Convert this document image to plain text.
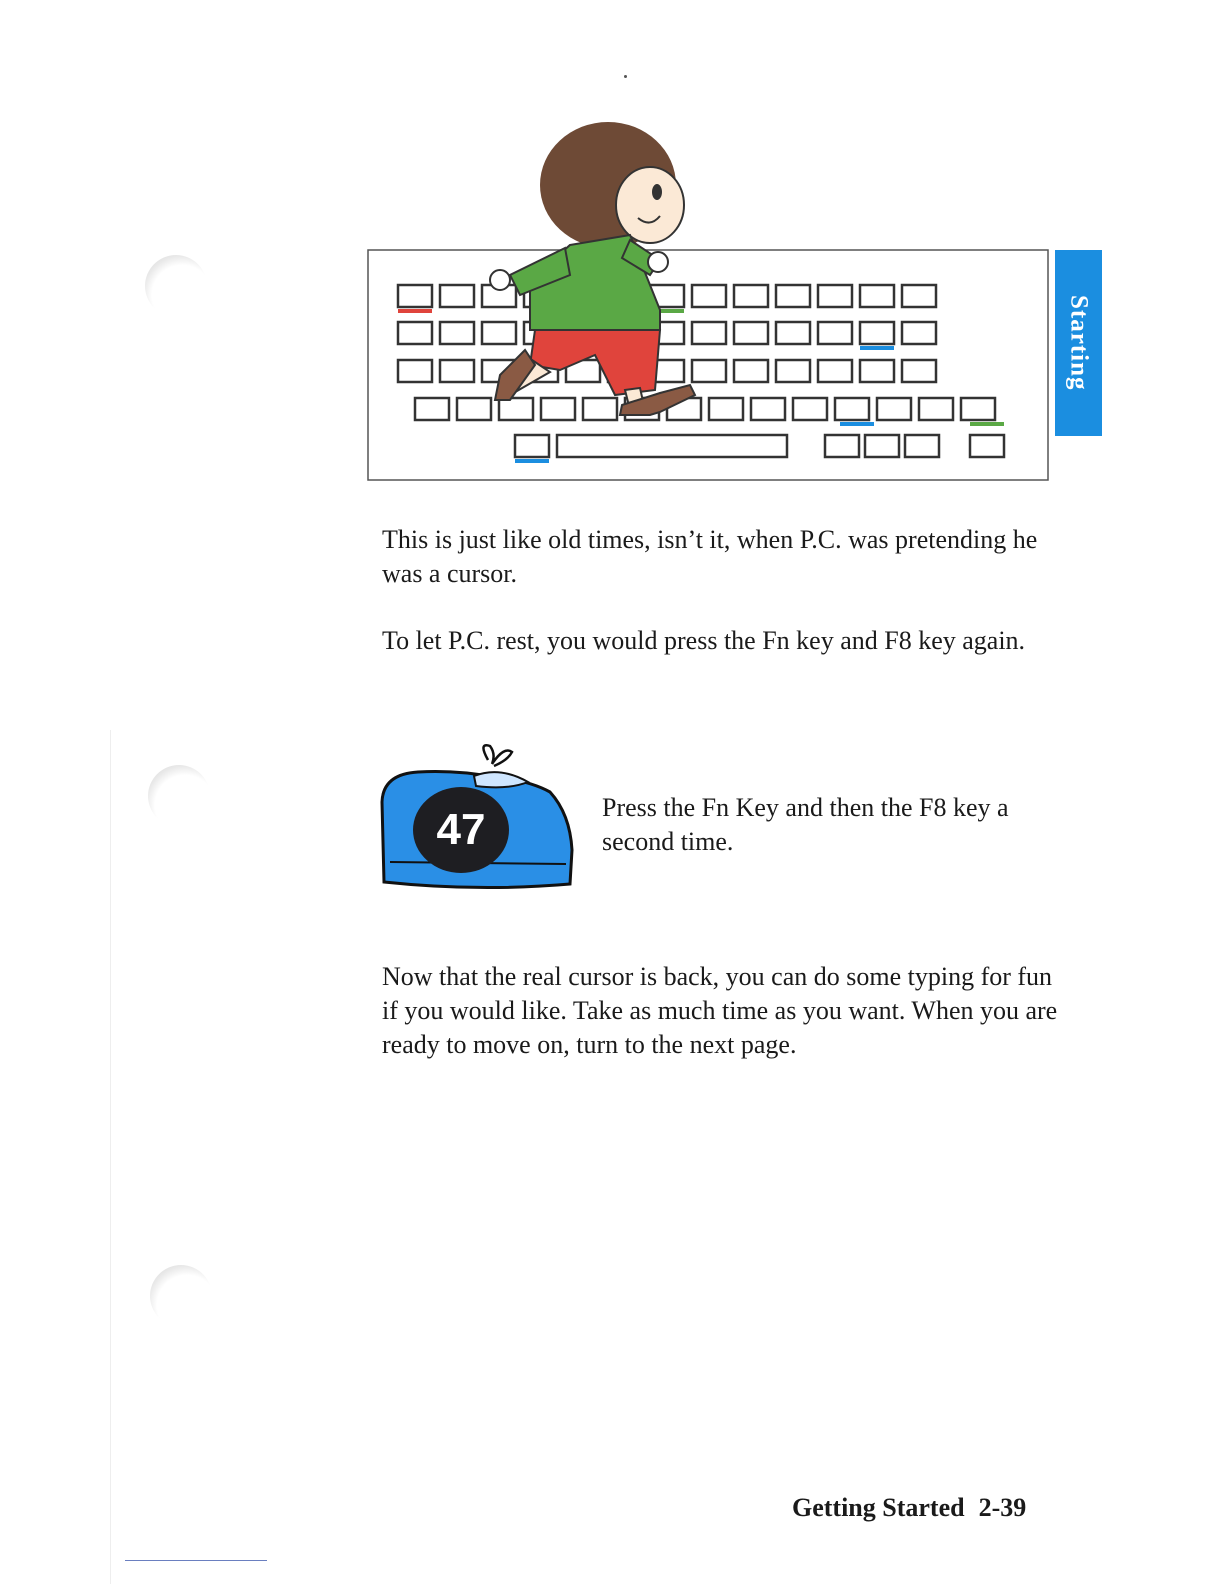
Starting

This is just like old times, isn’t it, when P.C. was pretending he was a cursor.

To let P.C. rest, you would press the Fn key and F8 key again.

47	Press the Fn Key and then the F8 key a second time.

Now that the real cursor is back, you can do some typing for fun if you would like. Take as much time as you want. When you are ready to move on, turn to the next page.

Getting Started 2-39
